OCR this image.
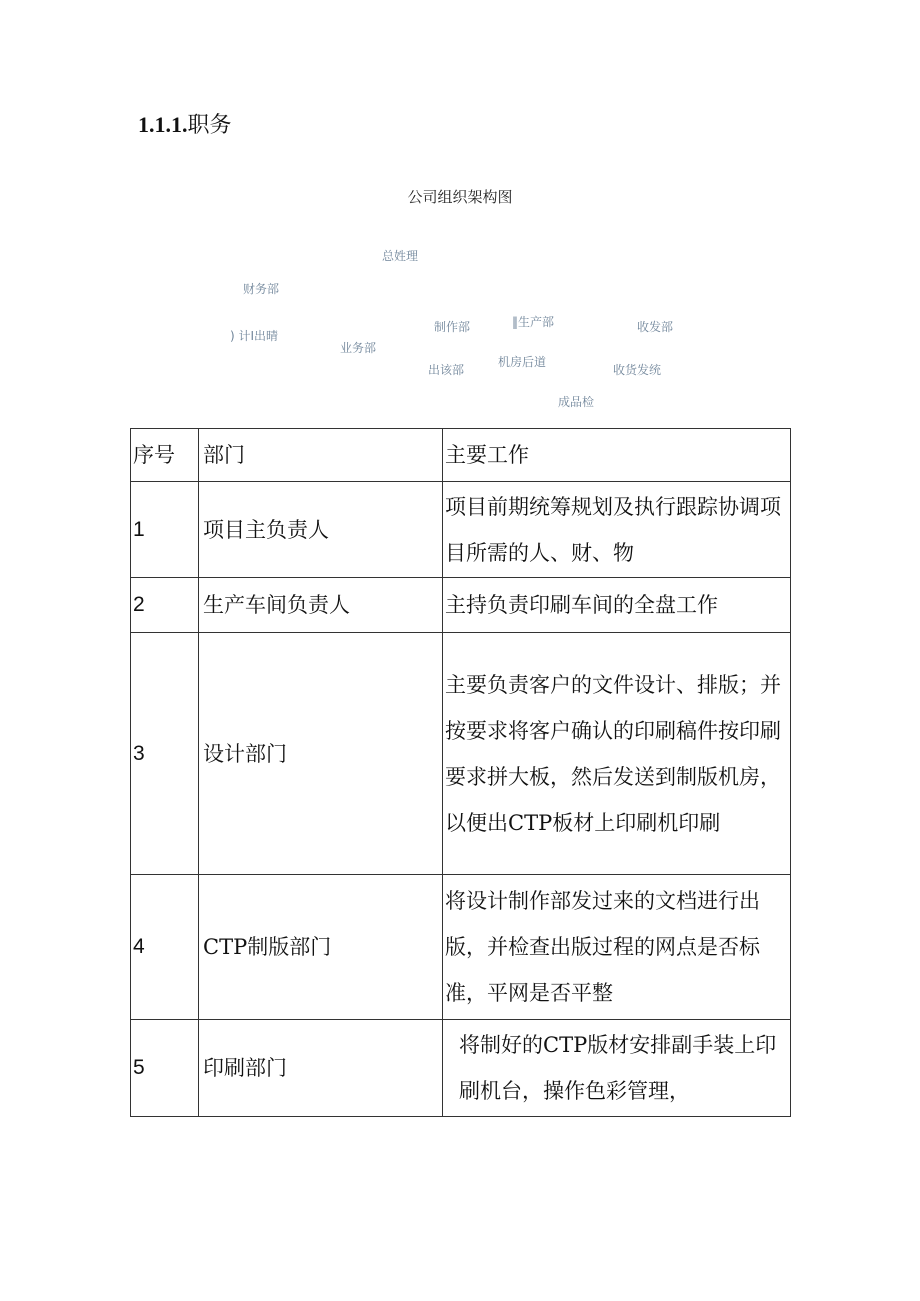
1.1.1.职务
公司组织架构图
总姓理
财务部
) 计I出晴
业务部
制作部
出该部
‖生产部
机房后道
收发部
收货发统
成品检
序号	部门	主要工作
1	项目主负责人	项目前期统筹规划及执行跟踪协调项目所需的人、财、物
2	生产车间负责人	主持负责印刷车间的全盘工作
3	设计部门	主要负责客户的文件设计、排版；并按要求将客户确认的印刷稿件按印刷要求拼大板，然后发送到制版机房，以便出CTP板材上印刷机印刷
4	CTP制版部门	将设计制作部发过来的文档进行出版，并检查出版过程的网点是否标准，平网是否平整
5	印刷部门	将制好的CTP版材安排副手装上印刷机台，操作色彩管理，
